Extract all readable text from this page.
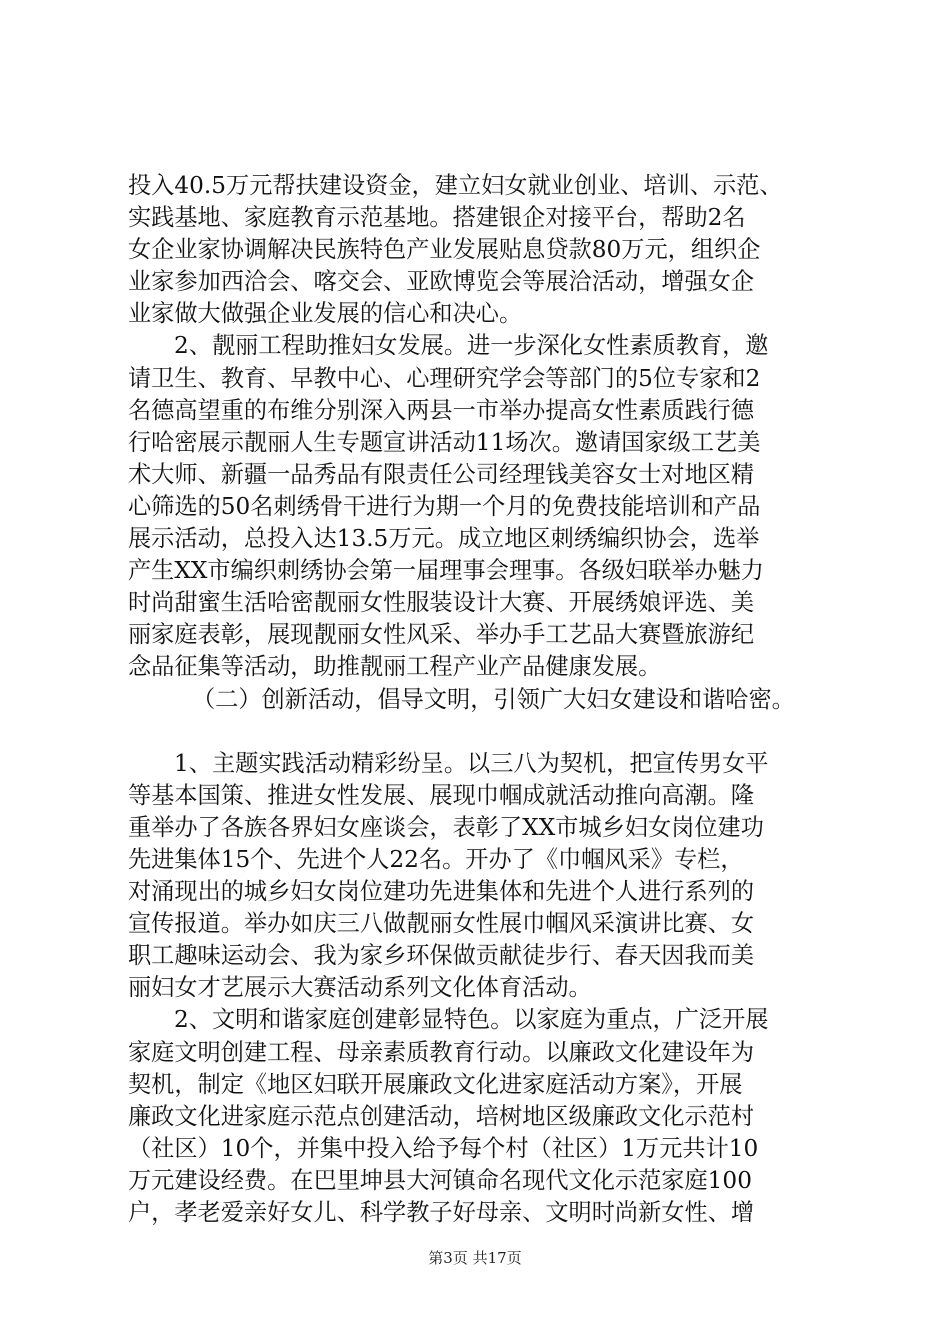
投入40.5万元帮扶建设资金，建立妇女就业创业、培训、示范、
实践基地、家庭教育示范基地。搭建银企对接平台，帮助2名
女企业家协调解决民族特色产业发展贴息贷款80万元，组织企
业家参加西洽会、喀交会、亚欧博览会等展洽活动，增强女企
业家做大做强企业发展的信心和决心。
2、靓丽工程助推妇女发展。进一步深化女性素质教育，邀
请卫生、教育、早教中心、心理研究学会等部门的5位专家和2
名德高望重的布维分别深入两县一市举办提高女性素质践行德
行哈密展示靓丽人生专题宣讲活动11场次。邀请国家级工艺美
术大师、新疆一品秀品有限责任公司经理钱美容女士对地区精
心筛选的50名刺绣骨干进行为期一个月的免费技能培训和产品
展示活动，总投入达13.5万元。成立地区刺绣编织协会，选举
产生XX市编织刺绣协会第一届理事会理事。各级妇联举办魅力
时尚甜蜜生活哈密靓丽女性服装设计大赛、开展绣娘评选、美
丽家庭表彰，展现靓丽女性风采、举办手工艺品大赛暨旅游纪
念品征集等活动，助推靓丽工程产业产品健康发展。
（二）创新活动，倡导文明，引领广大妇女建设和谐哈密。
1、主题实践活动精彩纷呈。以三八为契机，把宣传男女平
等基本国策、推进女性发展、展现巾帼成就活动推向高潮。隆
重举办了各族各界妇女座谈会，表彰了XX市城乡妇女岗位建功
先进集体15个、先进个人22名。开办了《巾帼风采》专栏，
对涌现出的城乡妇女岗位建功先进集体和先进个人进行系列的
宣传报道。举办如庆三八做靓丽女性展巾帼风采演讲比赛、女
职工趣味运动会、我为家乡环保做贡献徒步行、春天因我而美
丽妇女才艺展示大赛活动系列文化体育活动。
2、文明和谐家庭创建彰显特色。以家庭为重点，广泛开展
家庭文明创建工程、母亲素质教育行动。以廉政文化建设年为
契机，制定《地区妇联开展廉政文化进家庭活动方案》，开展
廉政文化进家庭示范点创建活动，培树地区级廉政文化示范村
（社区）10个，并集中投入给予每个村（社区）1万元共计10
万元建设经费。在巴里坤县大河镇命名现代文化示范家庭100
户，孝老爱亲好女儿、科学教子好母亲、文明时尚新女性、增
第3页 共17页
